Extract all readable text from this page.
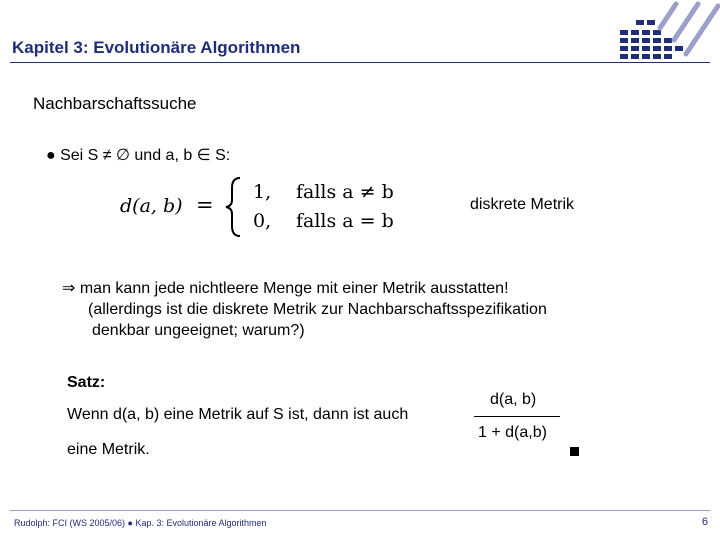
Kapitel 3: Evolutionäre Algorithmen
Nachbarschaftssuche
● Sei S ≠ ∅ und a, b ∈ S:
d(a, b) =
1, falls a ≠ b
0, falls a = b
diskrete Metrik
⇒ man kann jede nichtleere Menge mit einer Metrik ausstatten!
(allerdings ist die diskrete Metrik zur Nachbarschaftsspezifikation
denkbar ungeeignet; warum?)
Satz:
Wenn d(a, b) eine Metrik auf S ist, dann ist auch
eine Metrik.
d(a, b)
1 + d(a,b)
Rudolph: FCI (WS 2005/06) ● Kap. 3: Evolutionäre Algorithmen	6
